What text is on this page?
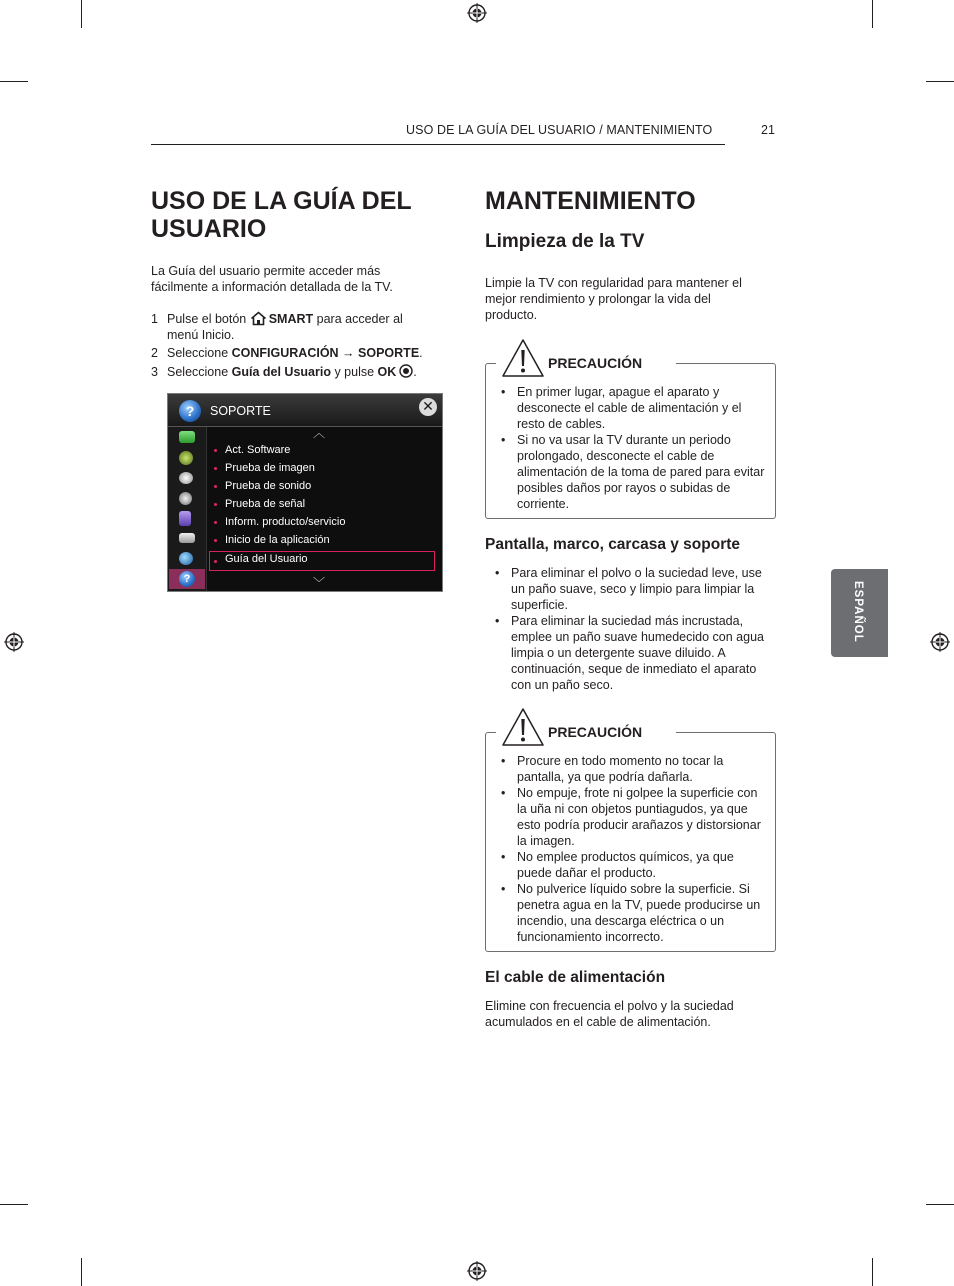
USO DE LA GUÍA DEL USUARIO / MANTENIMIENTO	21
USO DE LA GUÍA DEL
USUARIO

La Guía del usuario permite acceder más fácilmente a información detallada de la TV.

1 Pulse el botón SMART para acceder al
menú Inicio.
2 Seleccione CONFIGURACIÓN → SOPORTE.
3 Seleccione Guía del Usuario y pulse OK .
?	SOPORTE	✕
?
︿
Act. Software
Prueba de imagen
Prueba de sonido
Prueba de señal
Inform. producto/servicio
Inicio de la aplicación
Guía del Usuario
﹀
MANTENIMIENTO
Limpieza de la TV

Limpie la TV con regularidad para mantener el mejor rendimiento y prolongar la vida del producto.

PRECAUCIÓN
• En primer lugar, apague el aparato y desconecte el cable de alimentación y el resto de cables.
• Si no va usar la TV durante un periodo prolongado, desconecte el cable de alimentación de la toma de pared para evitar posibles daños por rayos o subidas de corriente.
Pantalla, marco, carcasa y soporte
• Para eliminar el polvo o la suciedad leve, use un paño suave, seco y limpio para limpiar la superficie.
• Para eliminar la suciedad más incrustada, emplee un paño suave humedecido con agua limpia o un detergente suave diluido. A continuación, seque de inmediato el aparato con un paño seco.
PRECAUCIÓN
• Procure en todo momento no tocar la pantalla, ya que podría dañarla.
• No empuje, frote ni golpee la superficie con la uña ni con objetos puntiagudos, ya que esto podría producir arañazos y distorsionar la imagen.
• No emplee productos químicos, ya que puede dañar el producto.
• No pulverice líquido sobre la superficie. Si penetra agua en la TV, puede producirse un incendio, una descarga eléctrica o un funcionamiento incorrecto.
El cable de alimentación

Elimine con frecuencia el polvo y la suciedad acumulados en el cable de alimentación.

ESPAÑOL
